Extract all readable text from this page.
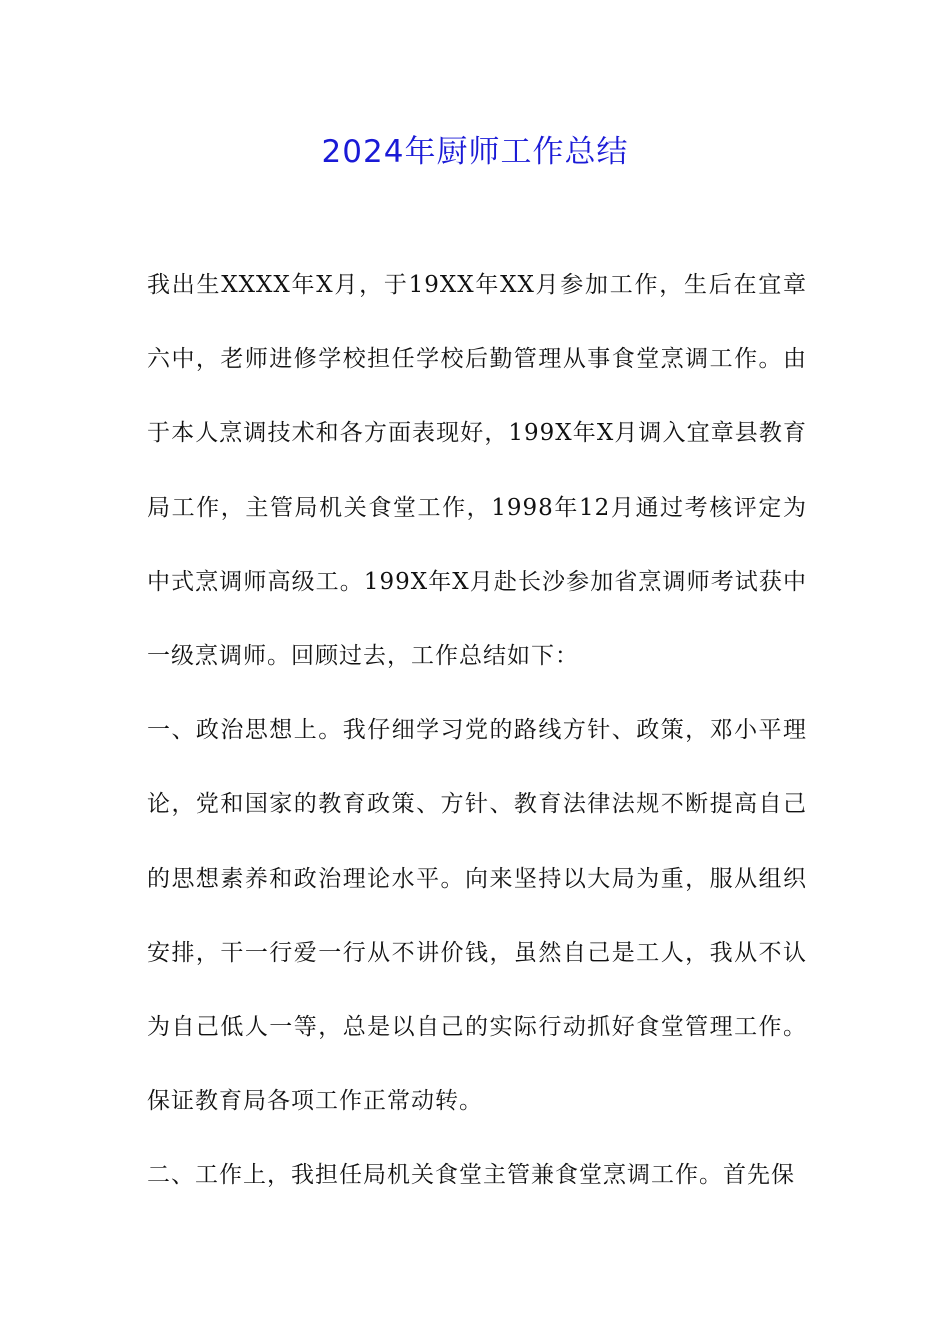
2024年厨师工作总结

我出生XXXX年X月，于19XX年XX月参加工作，生后在宜章六中，老师进修学校担任学校后勤管理从事食堂烹调工作。由于本人烹调技术和各方面表现好，199X年X月调入宜章县教育局工作，主管局机关食堂工作，1998年12月通过考核评定为中式烹调师高级工。199X年X月赴长沙参加省烹调师考试获中一级烹调师。回顾过去，工作总结如下：

一、政治思想上。我仔细学习党的路线方针、政策，邓小平理论，党和国家的教育政策、方针、教育法律法规不断提高自己的思想素养和政治理论水平。向来坚持以大局为重，服从组织安排，干一行爱一行从不讲价钱，虽然自己是工人，我从不认为自己低人一等，总是以自己的实际行动抓好食堂管理工作。保证教育局各项工作正常动转。

二、工作上，我担任局机关食堂主管兼食堂烹调工作。首先保
